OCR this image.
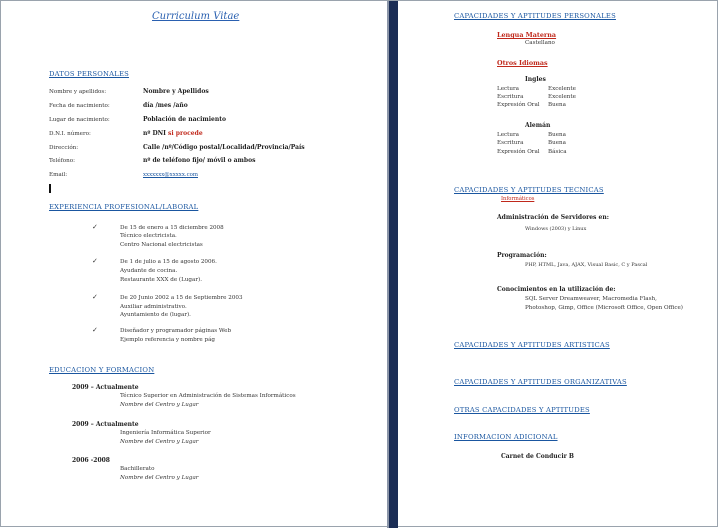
Curriculum Vitae
DATOS PERSONALES
Nombre y apellidos:	Nombre y Apellidos
Fecha de nacimiento:	día /mes /año
Lugar de nacimiento:	Población de nacimiento
D.N.I. número:	nº DNI si procede
Dirección:	Calle /nº/Código postal/Localidad/Provincia/País
Teléfono:	nº de teléfono fijo/ móvil o ambos
Email:	xxxxxxx@xxxxx.com
EXPERIENCIA PROFESIONAL/LABORAL
✓	De 15 de enero a 15 diciembre 2008
Técnico electricista.
Centro Nacional electricistas
✓	De 1 de julio a 15 de agosto 2006.
Ayudante de cocina.
Restaurante XXX de (Lugar).
✓	De 20 Junio 2002 a 15 de Septiembre 2003
Auxiliar administrativo.
Ayuntamiento de (lugar).
✓	Diseñador y programador páginas Web
Ejemplo referencia y nombre pág
EDUCACION Y FORMACION
2009 – Actualmente
Técnico Superior en Administración de Sistemas Informáticos
Nombre del Centro y Lugar
2009 – Actualmente
Ingeniería Informática Superior
Nombre del Centro y Lugar
2006 -2008
Bachillerato
Nombre del Centro y Lugar
CAPACIDADES Y APTITUDES PERSONALES
Lengua Materna
Castellano
Otros Idiomas
Ingles
Lectura	Excelente
Escritura	Excelente
Expresión Oral Buena
Alemán
Lectura	Buena
Escritura	Buena
Expresión Oral Básica
CAPACIDADES Y APTITUDES TECNICAS
Informáticos
Administración de Servidores en:
Windows (2003) y Linux
Programación:
PHP, HTML, Java, AJAX, Visual Basic, C y Pascal
Conocimientos en la utilización de:
SQL Server Dreamweaver, Macromedia Flash,
Photoshop, Gimp, Office (Microsoft Office, Open Office)
CAPACIDADES Y APTITUDES ARTISTICAS
CAPACIDADES Y APTITUDES ORGANIZATIVAS
OTRAS CAPACIDADES Y APTITUDES
INFORMACION ADICIONAL
Carnet de Conducir B
